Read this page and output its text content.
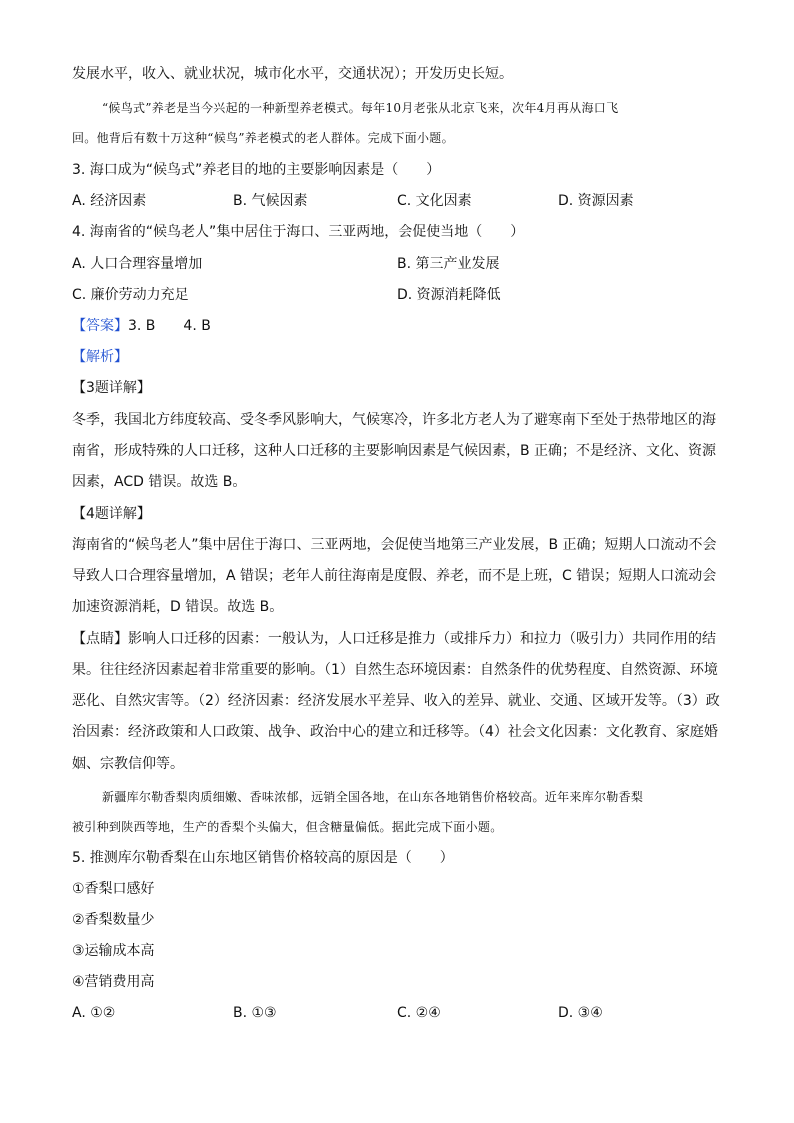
发展水平，收入、就业状况，城市化水平，交通状况）；开发历史长短。
“候鸟式”养老是当今兴起的一种新型养老模式。每年10月老张从北京飞来，次年4月再从海口飞
回。他背后有数十万这种“候鸟”养老模式的老人群体。完成下面小题。
3. 海口成为“候鸟式”养老目的地的主要影响因素是（　　）
A. 经济因素	B. 气候因素	C. 文化因素	D. 资源因素
4. 海南省的“候鸟老人”集中居住于海口、三亚两地，会促使当地（　　）
A. 人口合理容量增加	B. 第三产业发展
C. 廉价劳动力充足	D. 资源消耗降低
【答案】3. B　　4. B
【解析】
【3题详解】
冬季，我国北方纬度较高、受冬季风影响大，气候寒冷，许多北方老人为了避寒南下至处于热带地区的海
南省，形成特殊的人口迁移，这种人口迁移的主要影响因素是气候因素，B 正确；不是经济、文化、资源
因素，ACD 错误。故选 B。
【4题详解】
海南省的“候鸟老人”集中居住于海口、三亚两地，会促使当地第三产业发展，B 正确；短期人口流动不会
导致人口合理容量增加，A 错误；老年人前往海南是度假、养老，而不是上班，C 错误；短期人口流动会
加速资源消耗，D 错误。故选 B。
【点睛】影响人口迁移的因素：一般认为，人口迁移是推力（或排斥力）和拉力（吸引力）共同作用的结
果。往往经济因素起着非常重要的影响。（1）自然生态环境因素：自然条件的优势程度、自然资源、环境
恶化、自然灾害等。（2）经济因素：经济发展水平差异、收入的差异、就业、交通、区域开发等。（3）政
治因素：经济政策和人口政策、战争、政治中心的建立和迁移等。（4）社会文化因素：文化教育、家庭婚
姻、宗教信仰等。
新疆库尔勒香梨肉质细嫩、香味浓郁，远销全国各地，在山东各地销售价格较高。近年来库尔勒香梨
被引种到陕西等地，生产的香梨个头偏大，但含糖量偏低。据此完成下面小题。
5. 推测库尔勒香梨在山东地区销售价格较高的原因是（　　）
①香梨口感好
②香梨数量少
③运输成本高
④营销费用高
A. ①②	B. ①③	C. ②④	D. ③④
